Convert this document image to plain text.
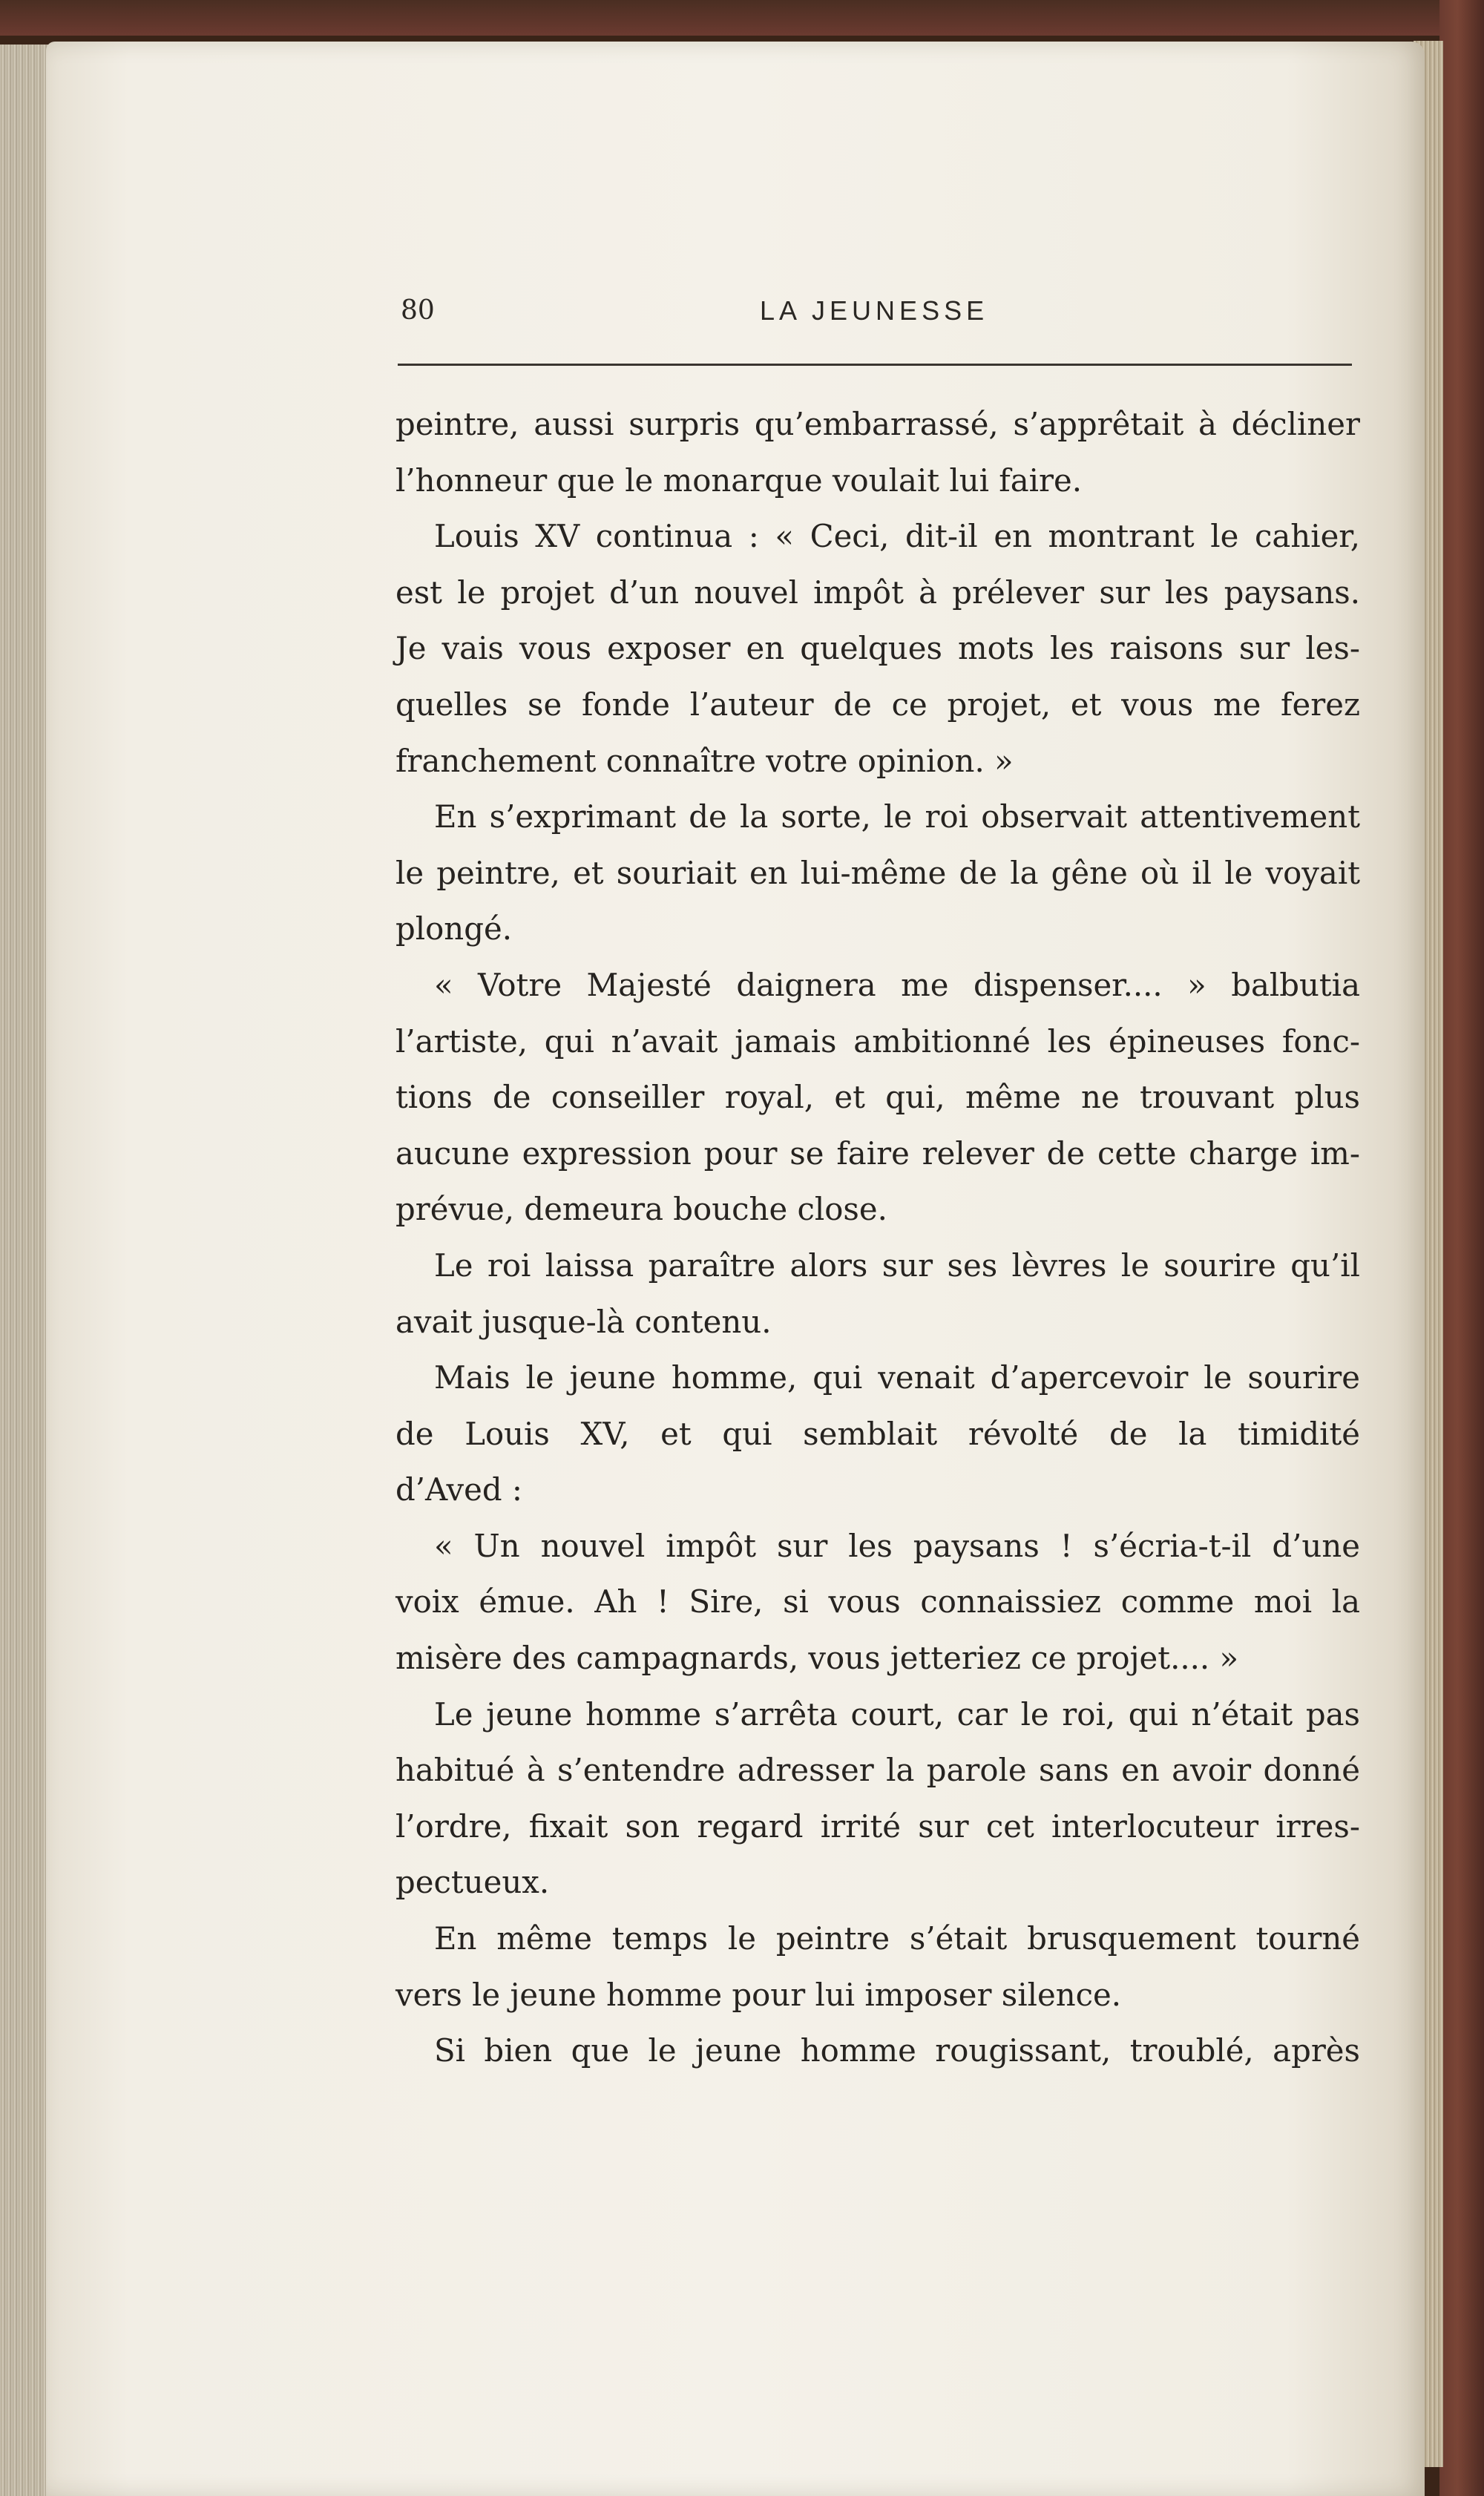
80	LA JEUNESSE
peintre, aussi surpris qu’embarrassé, s’apprêtait à décliner
l’honneur que le monarque voulait lui faire.
Louis XV continua : « Ceci, dit-il en montrant le cahier,
est le projet d’un nouvel impôt à prélever sur les paysans.
Je vais vous exposer en quelques mots les raisons sur les-
quelles se fonde l’auteur de ce projet, et vous me ferez
franchement connaître votre opinion. »
En s’exprimant de la sorte, le roi observait attentivement
le peintre, et souriait en lui-même de la gêne où il le voyait
plongé.
« Votre Majesté daignera me dispenser.... » balbutia
l’artiste, qui n’avait jamais ambitionné les épineuses fonc-
tions de conseiller royal, et qui, même ne trouvant plus
aucune expression pour se faire relever de cette charge im-
prévue, demeura bouche close.
Le roi laissa paraître alors sur ses lèvres le sourire qu’il
avait jusque-là contenu.
Mais le jeune homme, qui venait d’apercevoir le sourire
de Louis XV, et qui semblait révolté de la timidité
d’Aved :
« Un nouvel impôt sur les paysans ! s’écria-t-il d’une
voix émue. Ah ! Sire, si vous connaissiez comme moi la
misère des campagnards, vous jetteriez ce projet.... »
Le jeune homme s’arrêta court, car le roi, qui n’était pas
habitué à s’entendre adresser la parole sans en avoir donné
l’ordre, fixait son regard irrité sur cet interlocuteur irres-
pectueux.
En même temps le peintre s’était brusquement tourné
vers le jeune homme pour lui imposer silence.
Si bien que le jeune homme rougissant, troublé, après
